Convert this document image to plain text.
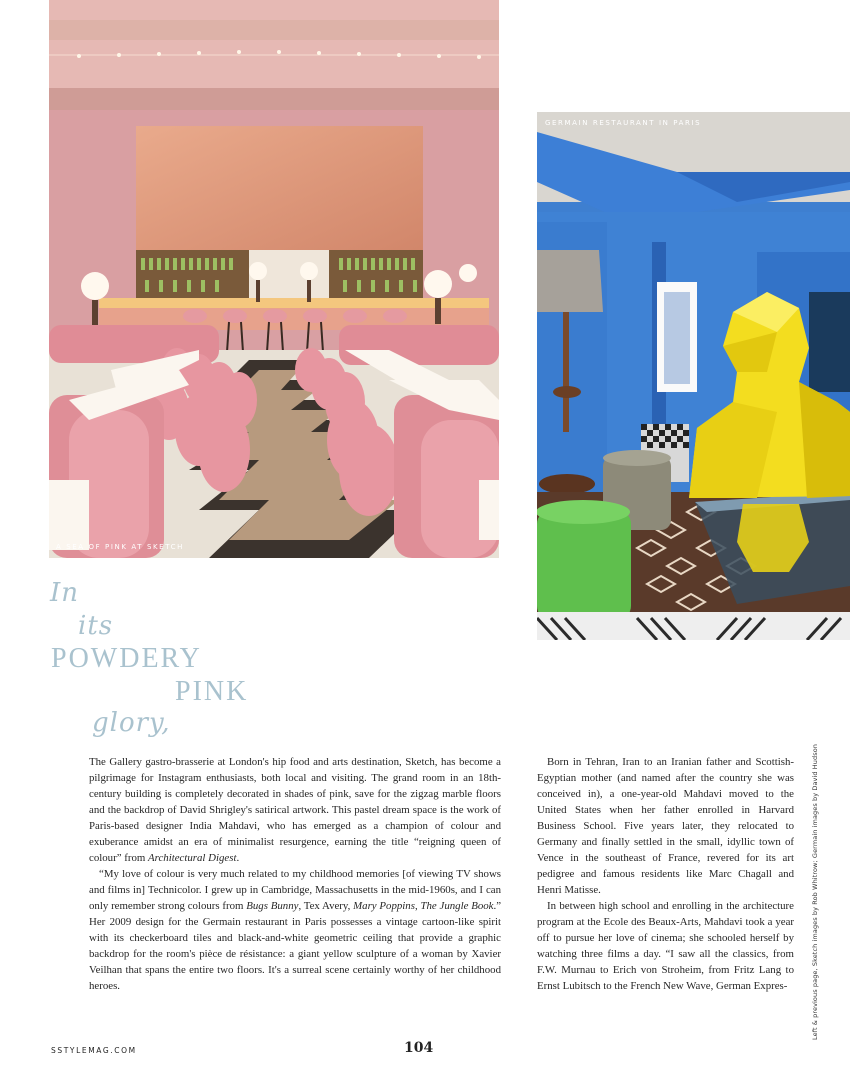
A SEA OF PINK AT SKETCH
GERMAIN RESTAURANT IN PARIS
In
its
POWDERY
PINK
glory,

The Gallery gastro-brasserie at London's hip food and arts destination, Sketch, has become a pilgrimage for Instagram enthusiasts, both local and visiting. The grand room in an 18th-century building is completely decorated in shades of pink, save for the zigzag marble floors and the backdrop of David Shrigley's satirical artwork. This pastel dream space is the work of Paris-based designer India Mahdavi, who has emerged as a champion of colour and exuberance amidst an era of minimalist resurgence, earning the title “reigning queen of colour” from Architectural Digest.

“My love of colour is very much related to my childhood memories [of viewing TV shows and films in] Technicolor. I grew up in Cambridge, Massachusetts in the mid-1960s, and I can only remember strong colours from Bugs Bunny, Tex Avery, Mary Poppins, The Jungle Book.” Her 2009 design for the Germain restaurant in Paris possesses a vintage cartoon-like spirit with its checkerboard tiles and black-and-white geometric ceiling that provide a graphic backdrop for the room's pièce de résistance: a giant yellow sculpture of a woman by Xavier Veilhan that spans the entire two floors. It's a surreal scene certainly worthy of her childhood heroes.

Born in Tehran, Iran to an Iranian father and Scottish-Egyptian mother (and named after the country she was conceived in), a one-year-old Mahdavi moved to the United States when her father enrolled in Harvard Business School. Five years later, they relocated to Germany and finally settled in the small, idyllic town of Vence in the southeast of France, revered for its art pedigree and famous residents like Marc Chagall and Henri Matisse.

In between high school and enrolling in the architecture program at the Ecole des Beaux-Arts, Mahdavi took a year off to pursue her love of cinema; she schooled herself by watching three films a day. “I saw all the classics, from F.W. Murnau to Erich von Stroheim, from Fritz Lang to Ernst Lubitsch to the French New Wave, German Expres-	Left & previous page, Sketch images by Rob Whitrow; Germain images by David Hudson
SSTYLEMAG.COM	104
